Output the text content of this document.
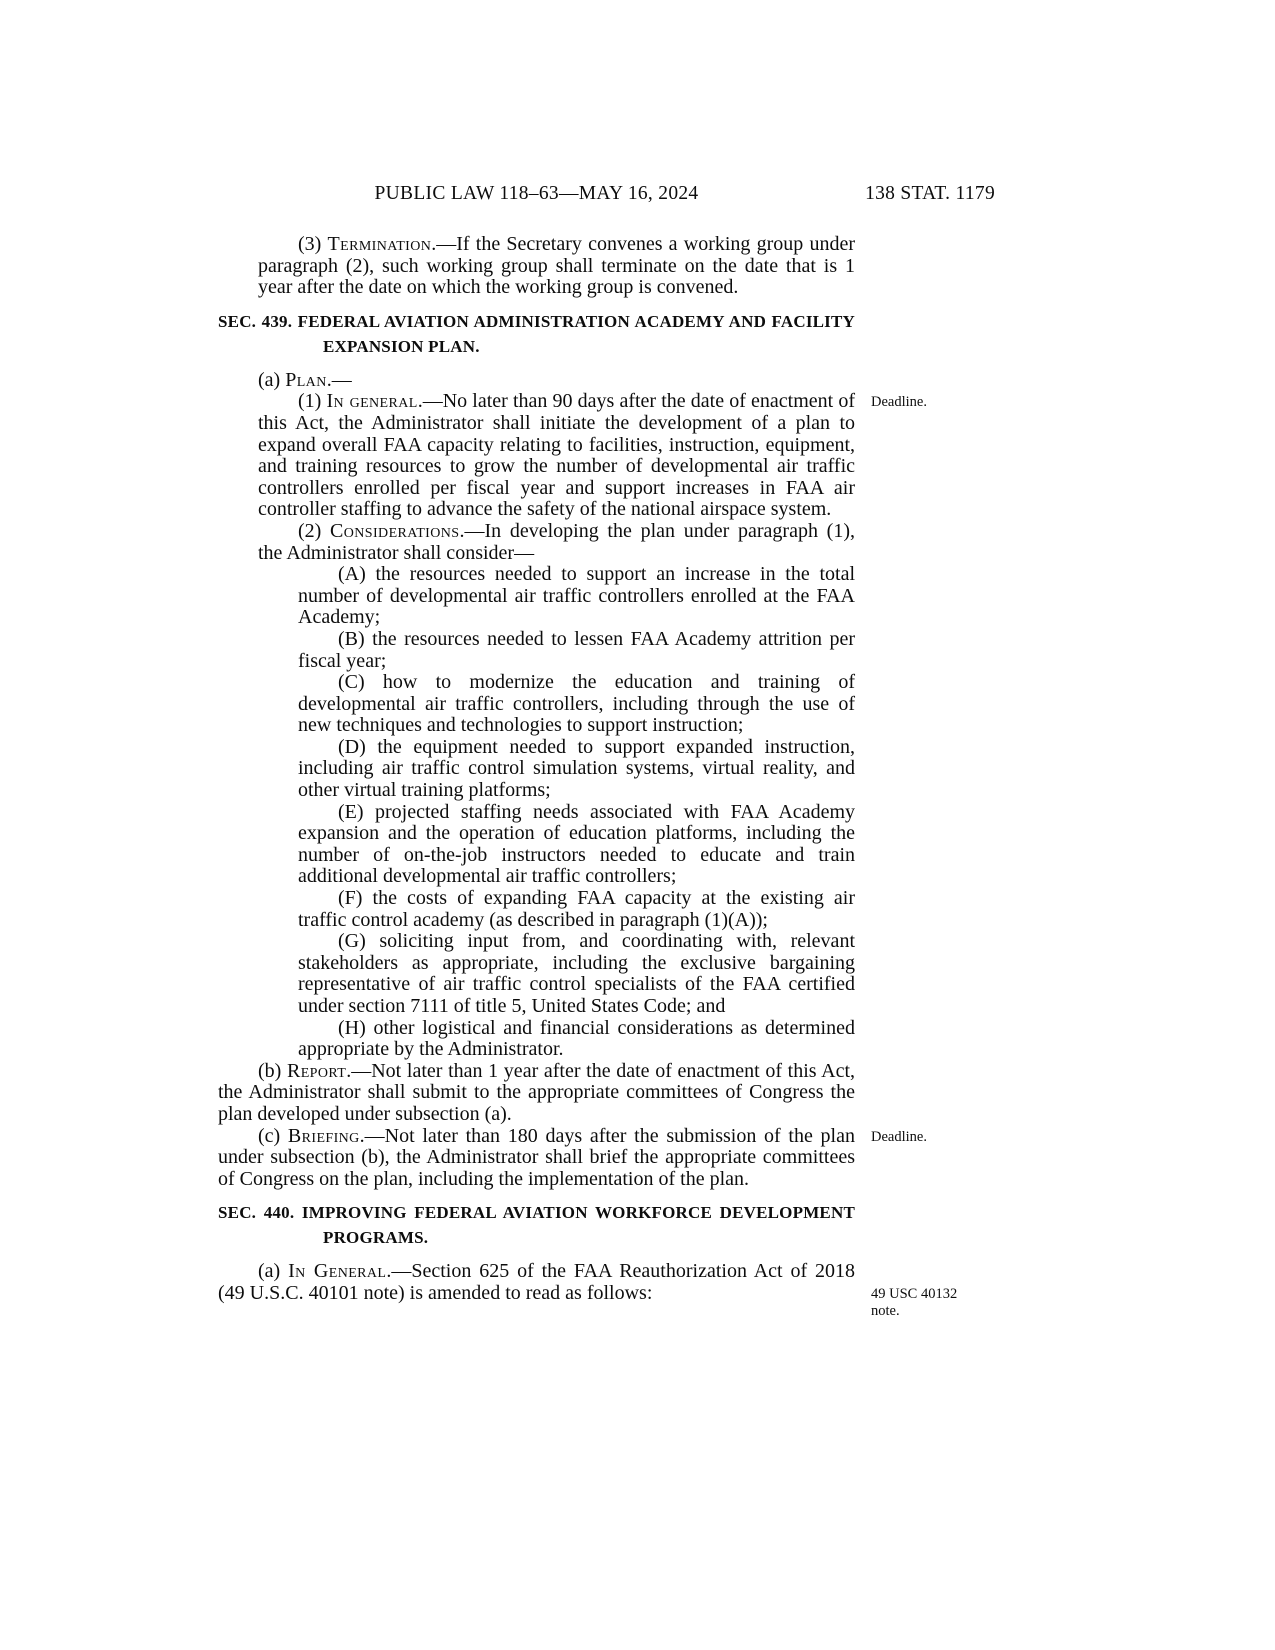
PUBLIC LAW 118–63—MAY 16, 2024	138 STAT. 1179

(3) Termination.—If the Secretary convenes a working group under paragraph (2), such working group shall terminate on the date that is 1 year after the date on which the working group is convened.

SEC. 439. FEDERAL AVIATION ADMINISTRATION ACADEMY AND FACILITY EXPANSION PLAN.

(a) Plan.—

(1) In general.—No later than 90 days after the date of enactment of this Act, the Administrator shall initiate the development of a plan to expand overall FAA capacity relating to facilities, instruction, equipment, and training resources to grow the number of developmental air traffic controllers enrolled per fiscal year and support increases in FAA air controller staffing to advance the safety of the national airspace system.
Deadline.

(2) Considerations.—In developing the plan under paragraph (1), the Administrator shall consider—

(A) the resources needed to support an increase in the total number of developmental air traffic controllers enrolled at the FAA Academy;

(B) the resources needed to lessen FAA Academy attrition per fiscal year;

(C) how to modernize the education and training of developmental air traffic controllers, including through the use of new techniques and technologies to support instruction;

(D) the equipment needed to support expanded instruction, including air traffic control simulation systems, virtual reality, and other virtual training platforms;

(E) projected staffing needs associated with FAA Academy expansion and the operation of education platforms, including the number of on-the-job instructors needed to educate and train additional developmental air traffic controllers;

(F) the costs of expanding FAA capacity at the existing air traffic control academy (as described in paragraph (1)(A));

(G) soliciting input from, and coordinating with, relevant stakeholders as appropriate, including the exclusive bargaining representative of air traffic control specialists of the FAA certified under section 7111 of title 5, United States Code; and

(H) other logistical and financial considerations as determined appropriate by the Administrator.

(b) Report.—Not later than 1 year after the date of enactment of this Act, the Administrator shall submit to the appropriate committees of Congress the plan developed under subsection (a).

(c) Briefing.—Not later than 180 days after the submission of the plan under subsection (b), the Administrator shall brief the appropriate committees of Congress on the plan, including the implementation of the plan.
Deadline.

SEC. 440. IMPROVING FEDERAL AVIATION WORKFORCE DEVELOPMENT PROGRAMS.

(a) In General.—Section 625 of the FAA Reauthorization Act of 2018 (49 U.S.C. 40101 note) is amended to read as follows:	49 USC 40132 note.
